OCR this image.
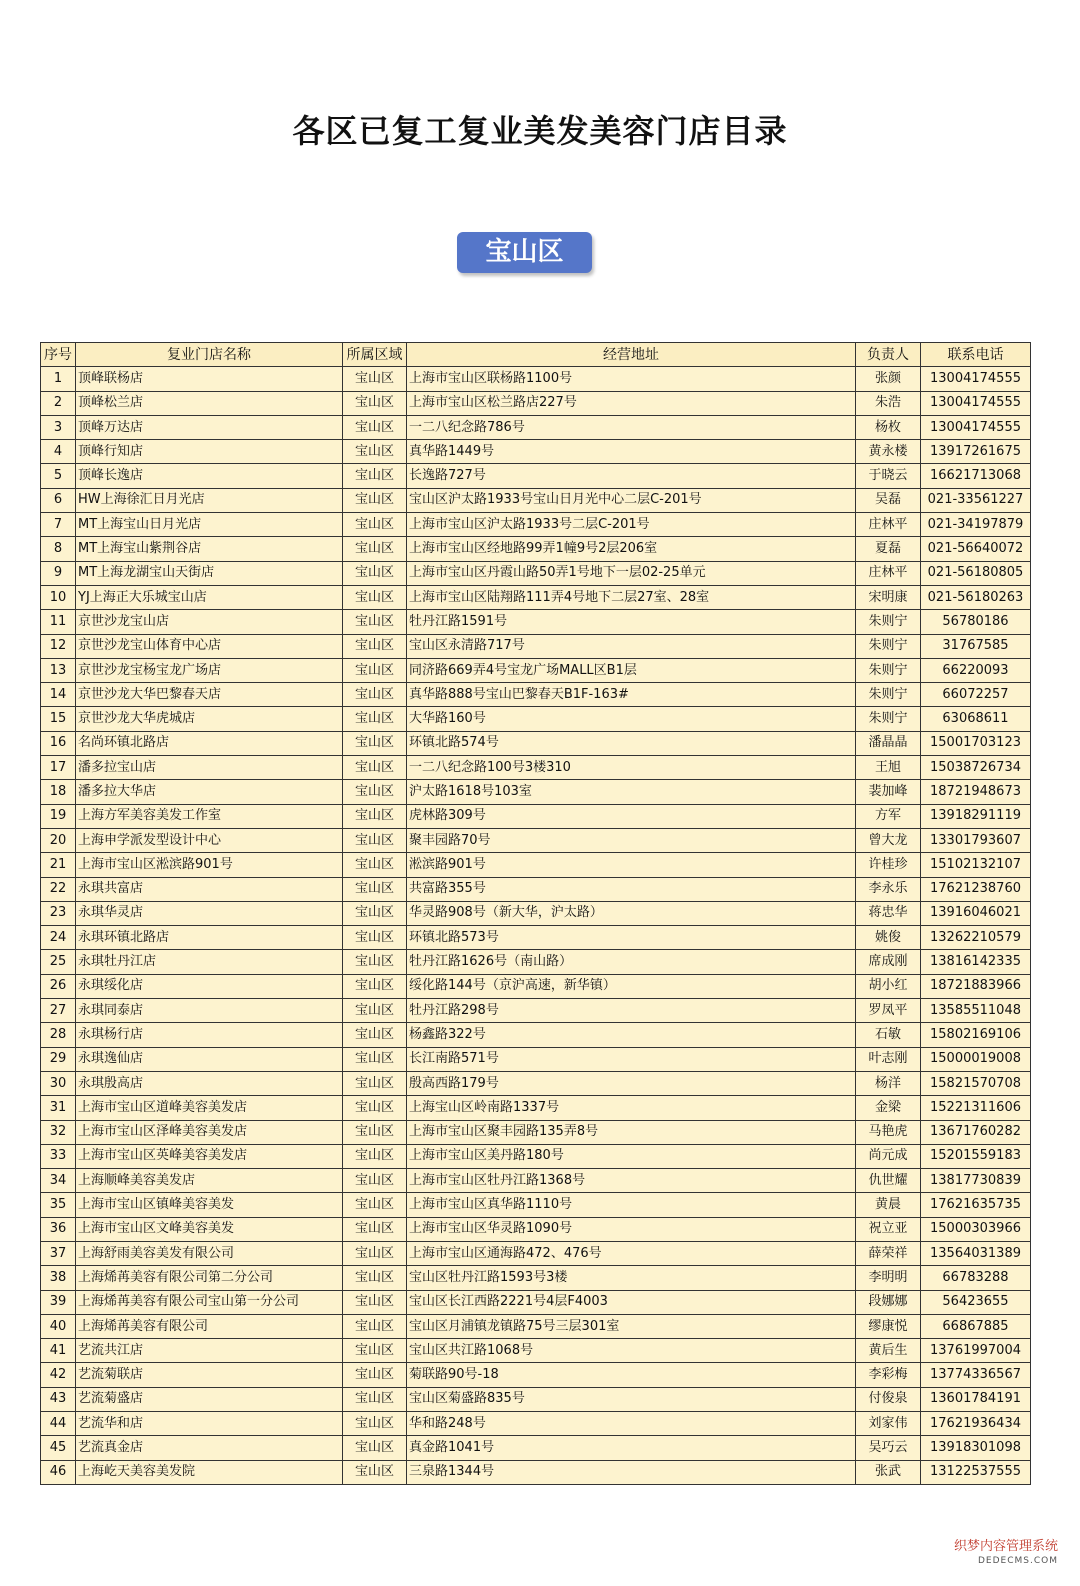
各区已复工复业美发美容门店目录
宝山区
序号	复业门店名称	所属区域	经营地址	负责人	联系电话
1	顶峰联杨店	宝山区	上海市宝山区联杨路1100号	张颜	13004174555
2	顶峰松兰店	宝山区	上海市宝山区松兰路店227号	朱浩	13004174555
3	顶峰万达店	宝山区	一二八纪念路786号	杨枚	13004174555
4	顶峰行知店	宝山区	真华路1449号	黄永楼	13917261675
5	顶峰长逸店	宝山区	长逸路727号	于晓云	16621713068
6	HW上海徐汇日月光店	宝山区	宝山区沪太路1933号宝山日月光中心二层C-201号	吴磊	021-33561227
7	MT上海宝山日月光店	宝山区	上海市宝山区沪太路1933号二层C-201号	庄林平	021-34197879
8	MT上海宝山紫荆谷店	宝山区	上海市宝山区经地路99弄1幢9号2层206室	夏磊	021-56640072
9	MT上海龙湖宝山天街店	宝山区	上海市宝山区丹霞山路50弄1号地下一层02-25单元	庄林平	021-56180805
10	YJ上海正大乐城宝山店	宝山区	上海市宝山区陆翔路111弄4号地下二层27室、28室	宋明康	021-56180263
11	京世沙龙宝山店	宝山区	牡丹江路1591号	朱则宁	56780186
12	京世沙龙宝山体育中心店	宝山区	宝山区永清路717号	朱则宁	31767585
13	京世沙龙宝杨宝龙广场店	宝山区	同济路669弄4号宝龙广场MALL区B1层	朱则宁	66220093
14	京世沙龙大华巴黎春天店	宝山区	真华路888号宝山巴黎春天B1F-163#	朱则宁	66072257
15	京世沙龙大华虎城店	宝山区	大华路160号	朱则宁	63068611
16	名尚环镇北路店	宝山区	环镇北路574号	潘晶晶	15001703123
17	潘多拉宝山店	宝山区	一二八纪念路100号3楼310	王旭	15038726734
18	潘多拉大华店	宝山区	沪太路1618号103室	裴加峰	18721948673
19	上海方军美容美发工作室	宝山区	虎林路309号	方军	13918291119
20	上海申学派发型设计中心	宝山区	聚丰园路70号	曾大龙	13301793607
21	上海市宝山区淞滨路901号	宝山区	淞滨路901号	许桂珍	15102132107
22	永琪共富店	宝山区	共富路355号	李永乐	17621238760
23	永琪华灵店	宝山区	华灵路908号（新大华，沪太路）	蒋忠华	13916046021
24	永琪环镇北路店	宝山区	环镇北路573号	姚俊	13262210579
25	永琪牡丹江店	宝山区	牡丹江路1626号（南山路）	席成刚	13816142335
26	永琪绥化店	宝山区	绥化路144号（京沪高速，新华镇）	胡小红	18721883966
27	永琪同泰店	宝山区	牡丹江路298号	罗凤平	13585511048
28	永琪杨行店	宝山区	杨鑫路322号	石敏	15802169106
29	永琪逸仙店	宝山区	长江南路571号	叶志刚	15000019008
30	永琪殷高店	宝山区	殷高西路179号	杨洋	15821570708
31	上海市宝山区道峰美容美发店	宝山区	上海宝山区岭南路1337号	金梁	15221311606
32	上海市宝山区泽峰美容美发店	宝山区	上海市宝山区聚丰园路135弄8号	马艳虎	13671760282
33	上海市宝山区英峰美容美发店	宝山区	上海市宝山区美丹路180号	尚元成	15201559183
34	上海顺峰美容美发店	宝山区	上海市宝山区牡丹江路1368号	仇世耀	13817730839
35	上海市宝山区镇峰美容美发	宝山区	上海市宝山区真华路1110号	黄晨	17621635735
36	上海市宝山区文峰美容美发	宝山区	上海市宝山区华灵路1090号	祝立亚	15000303966
37	上海舒雨美容美发有限公司	宝山区	上海市宝山区通海路472、476号	薛荣祥	13564031389
38	上海烯苒美容有限公司第二分公司	宝山区	宝山区牡丹江路1593号3楼	李明明	66783288
39	上海烯苒美容有限公司宝山第一分公司	宝山区	宝山区长江西路2221号4层F4003	段娜娜	56423655
40	上海烯苒美容有限公司	宝山区	宝山区月浦镇龙镇路75号三层301室	缪康悦	66867885
41	艺流共江店	宝山区	宝山区共江路1068号	黄后生	13761997004
42	艺流菊联店	宝山区	菊联路90号-18	李彩梅	13774336567
43	艺流菊盛店	宝山区	宝山区菊盛路835号	付俊泉	13601784191
44	艺流华和店	宝山区	华和路248号	刘家伟	17621936434
45	艺流真金店	宝山区	真金路1041号	吴巧云	13918301098
46	上海屹天美容美发院	宝山区	三泉路1344号	张武	13122537555
织梦内容管理系统
DEDECMS.COM
